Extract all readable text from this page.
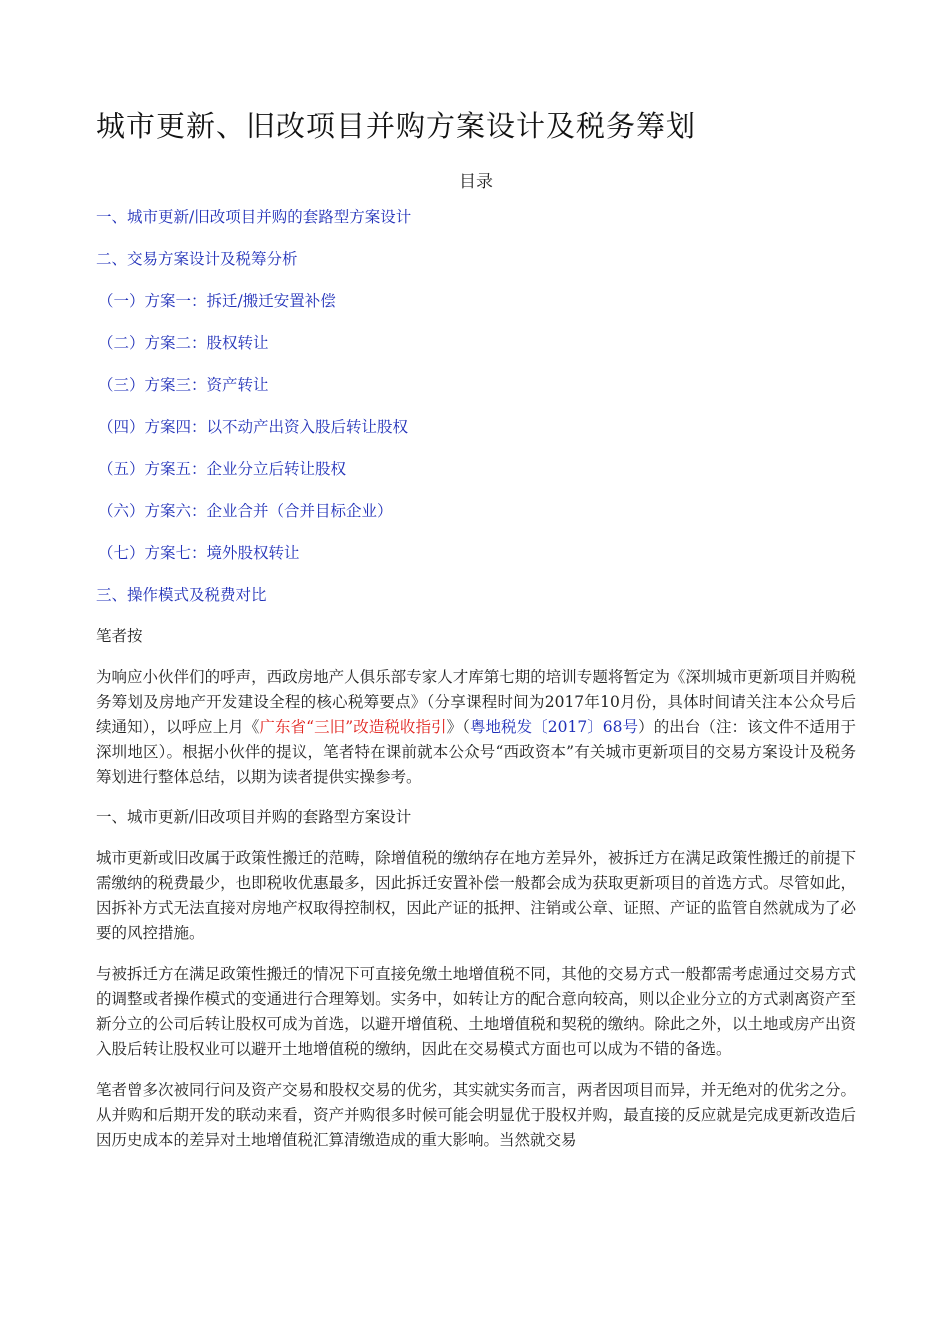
城市更新、旧改项目并购方案设计及税务筹划
目录
一、城市更新/旧改项目并购的套路型方案设计
二、交易方案设计及税筹分析
（一）方案一：拆迁/搬迁安置补偿
（二）方案二：股权转让
（三）方案三：资产转让
（四）方案四：以不动产出资入股后转让股权
（五）方案五：企业分立后转让股权
（六）方案六：企业合并（合并目标企业）
（七）方案七：境外股权转让
三、操作模式及税费对比
笔者按

为响应小伙伴们的呼声，西政房地产人俱乐部专家人才库第七期的培训专题将暂定为《深圳城市更新项目并购税务筹划及房地产开发建设全程的核心税筹要点》（分享课程时间为2017年10月份，具体时间请关注本公众号后续通知），以呼应上月《广东省“三旧”改造税收指引》（粤地税发〔2017〕68号）的出台（注：该文件不适用于深圳地区）。根据小伙伴的提议，笔者特在课前就本公众号“西政资本”有关城市更新项目的交易方案设计及税务筹划进行整体总结，以期为读者提供实操参考。

一、城市更新/旧改项目并购的套路型方案设计

城市更新或旧改属于政策性搬迁的范畴，除增值税的缴纳存在地方差异外，被拆迁方在满足政策性搬迁的前提下需缴纳的税费最少，也即税收优惠最多，因此拆迁安置补偿一般都会成为获取更新项目的首选方式。尽管如此，因拆补方式无法直接对房地产权取得控制权，因此产证的抵押、注销或公章、证照、产证的监管自然就成为了必要的风控措施。

与被拆迁方在满足政策性搬迁的情况下可直接免缴土地增值税不同，其他的交易方式一般都需考虑通过交易方式的调整或者操作模式的变通进行合理筹划。实务中，如转让方的配合意向较高，则以企业分立的方式剥离资产至新分立的公司后转让股权可成为首选，以避开增值税、土地增值税和契税的缴纳。除此之外，以土地或房产出资入股后转让股权业可以避开土地增值税的缴纳，因此在交易模式方面也可以成为不错的备选。

笔者曾多次被同行问及资产交易和股权交易的优劣，其实就实务而言，两者因项目而异，并无绝对的优劣之分。从并购和后期开发的联动来看，资产并购很多时候可能会明显优于股权并购，最直接的反应就是完成更新改造后因历史成本的差异对土地增值税汇算清缴造成的重大影响。当然就交易
